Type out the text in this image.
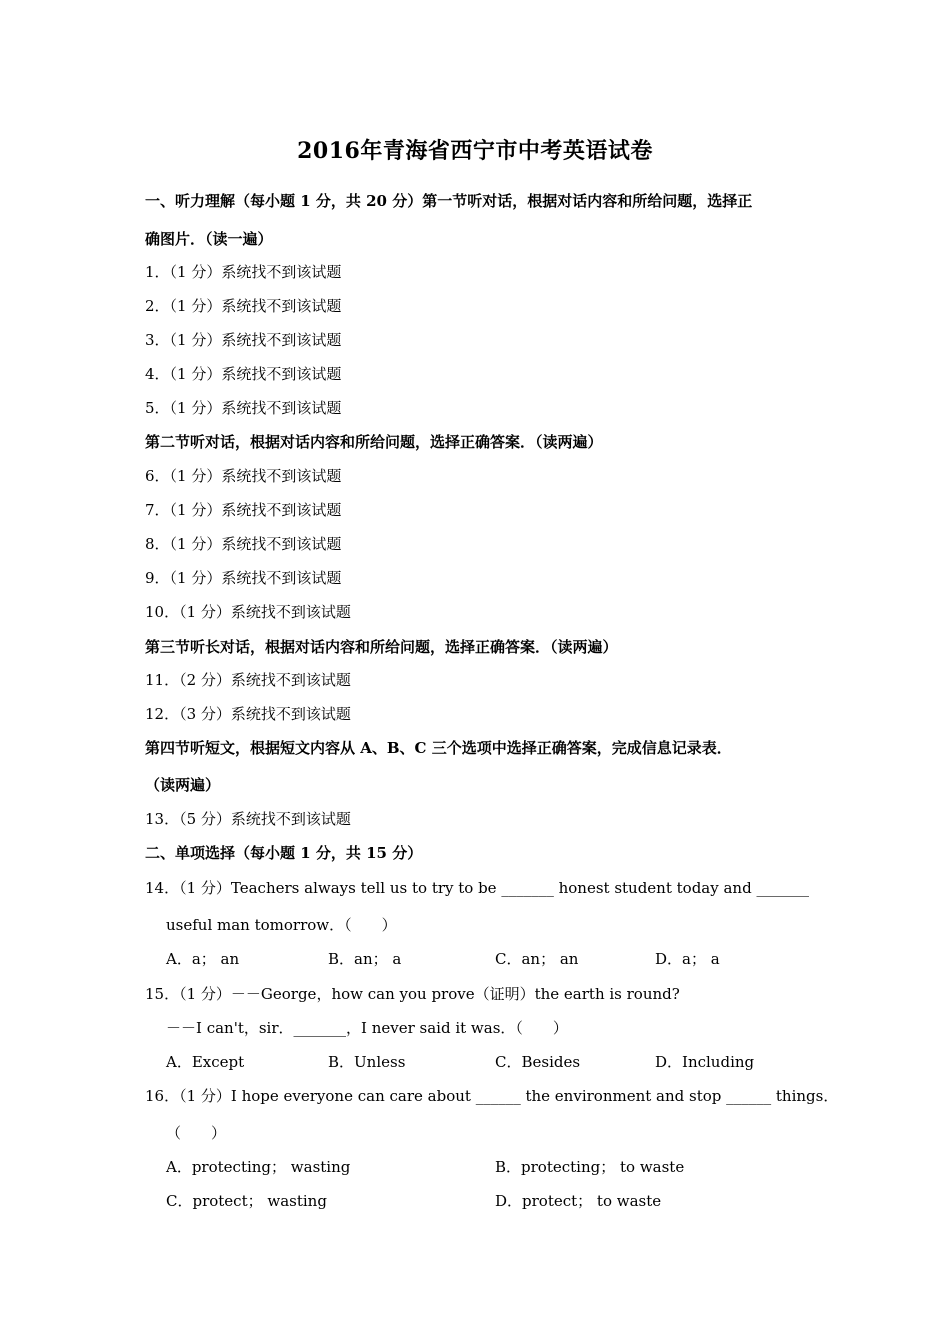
2016年青海省西宁市中考英语试卷
一、听力理解（每小题 1 分，共 20 分）第一节听对话，根据对话内容和所给问题，选择正
确图片．（读一遍）
1．（1 分）系统找不到该试题
2．（1 分）系统找不到该试题
3．（1 分）系统找不到该试题
4．（1 分）系统找不到该试题
5．（1 分）系统找不到该试题
第二节听对话，根据对话内容和所给问题，选择正确答案．（读两遍）
6．（1 分）系统找不到该试题
7．（1 分）系统找不到该试题
8．（1 分）系统找不到该试题
9．（1 分）系统找不到该试题
10．（1 分）系统找不到该试题
第三节听长对话，根据对话内容和所给问题，选择正确答案．（读两遍）
11．（2 分）系统找不到该试题
12．（3 分）系统找不到该试题
第四节听短文，根据短文内容从 A、B、C 三个选项中选择正确答案，完成信息记录表．
（读两遍）
13．（5 分）系统找不到该试题
二、单项选择（每小题 1 分，共 15 分）
14．（1 分）Teachers always tell us to try to be _______ honest student today and _______
useful man tomorrow．（　　）
A．a； an	B．an； a	C．an； an	D．a； a
15．（1 分）－－George，how can you prove（证明）the earth is round?
－－I can't，sir．_______，I never said it was．（　　）
A．Except	B．Unless	C．Besides	D．Including
16．（1 分）I hope everyone can care about ______ the environment and stop ______ things．
（　　）
A．protecting； wasting	B．protecting； to waste
C．protect； wasting	D．protect； to waste
